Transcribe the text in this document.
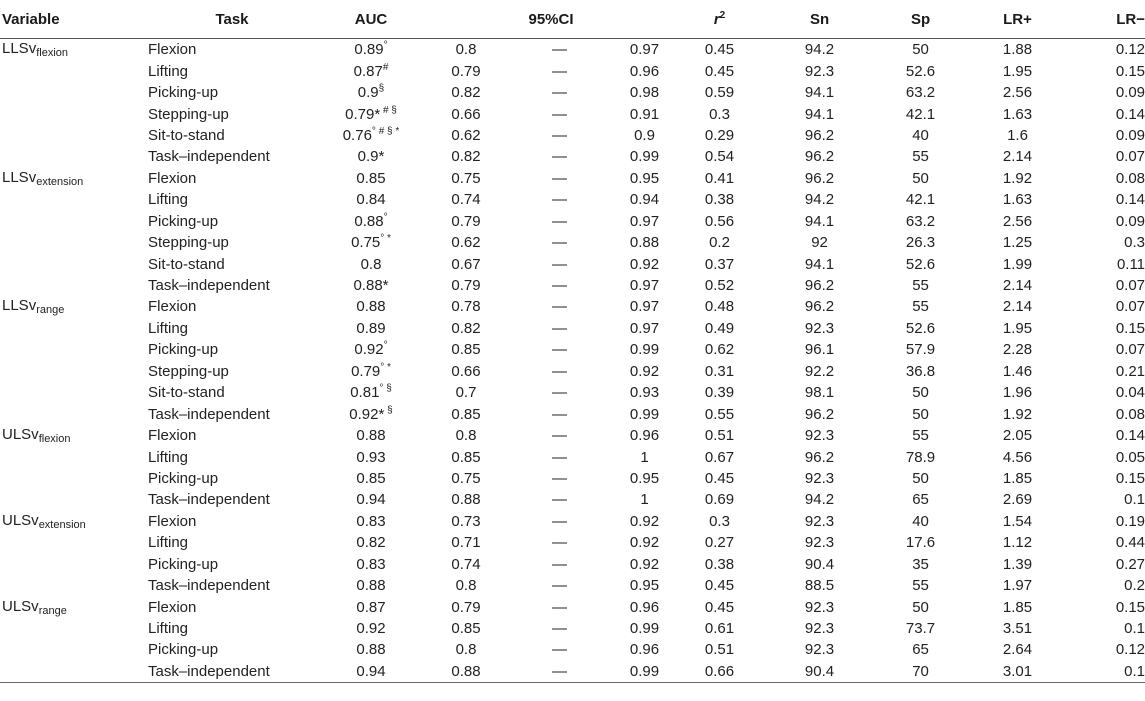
Variable	Task	AUC	95%CI			$r^2$	Sn	Sp	LR+	LR−
LLSv$_{flexion}$	Flexion	0.89°	0.8	—	0.97	0.45	94.2	50	1.88	0.12
	Lifting	0.87#	0.79	—	0.96	0.45	92.3	52.6	1.95	0.15
	Picking-up	0.9§	0.82	—	0.98	0.59	94.1	63.2	2.56	0.09
	Stepping-up	0.79* # §	0.66	—	0.91	0.3	94.1	42.1	1.63	0.14
	Sit-to-stand	0.76° # § *	0.62	—	0.9	0.29	96.2	40	1.6	0.09
	Task–independent	0.9*	0.82	—	0.99	0.54	96.2	55	2.14	0.07
LLSv$_{extension}$	Flexion	0.85	0.75	—	0.95	0.41	96.2	50	1.92	0.08
	Lifting	0.84	0.74	—	0.94	0.38	94.2	42.1	1.63	0.14
	Picking-up	0.88°	0.79	—	0.97	0.56	94.1	63.2	2.56	0.09
	Stepping-up	0.75° *	0.62	—	0.88	0.2	92	26.3	1.25	0.3
	Sit-to-stand	0.8	0.67	—	0.92	0.37	94.1	52.6	1.99	0.11
	Task–independent	0.88*	0.79	—	0.97	0.52	96.2	55	2.14	0.07
LLSv$_{range}$	Flexion	0.88	0.78	—	0.97	0.48	96.2	55	2.14	0.07
	Lifting	0.89	0.82	—	0.97	0.49	92.3	52.6	1.95	0.15
	Picking-up	0.92°	0.85	—	0.99	0.62	96.1	57.9	2.28	0.07
	Stepping-up	0.79° *	0.66	—	0.92	0.31	92.2	36.8	1.46	0.21
	Sit-to-stand	0.81° §	0.7	—	0.93	0.39	98.1	50	1.96	0.04
	Task–independent	0.92* §	0.85	—	0.99	0.55	96.2	50	1.92	0.08
ULSv$_{flexion}$	Flexion	0.88	0.8	—	0.96	0.51	92.3	55	2.05	0.14
	Lifting	0.93	0.85	—	1	0.67	96.2	78.9	4.56	0.05
	Picking-up	0.85	0.75	—	0.95	0.45	92.3	50	1.85	0.15
	Task–independent	0.94	0.88	—	1	0.69	94.2	65	2.69	0.1
ULSv$_{extension}$	Flexion	0.83	0.73	—	0.92	0.3	92.3	40	1.54	0.19
	Lifting	0.82	0.71	—	0.92	0.27	92.3	17.6	1.12	0.44
	Picking-up	0.83	0.74	—	0.92	0.38	90.4	35	1.39	0.27
	Task–independent	0.88	0.8	—	0.95	0.45	88.5	55	1.97	0.2
ULSv$_{range}$	Flexion	0.87	0.79	—	0.96	0.45	92.3	50	1.85	0.15
	Lifting	0.92	0.85	—	0.99	0.61	92.3	73.7	3.51	0.1
	Picking-up	0.88	0.8	—	0.96	0.51	92.3	65	2.64	0.12
	Task–independent	0.94	0.88	—	0.99	0.66	90.4	70	3.01	0.1
